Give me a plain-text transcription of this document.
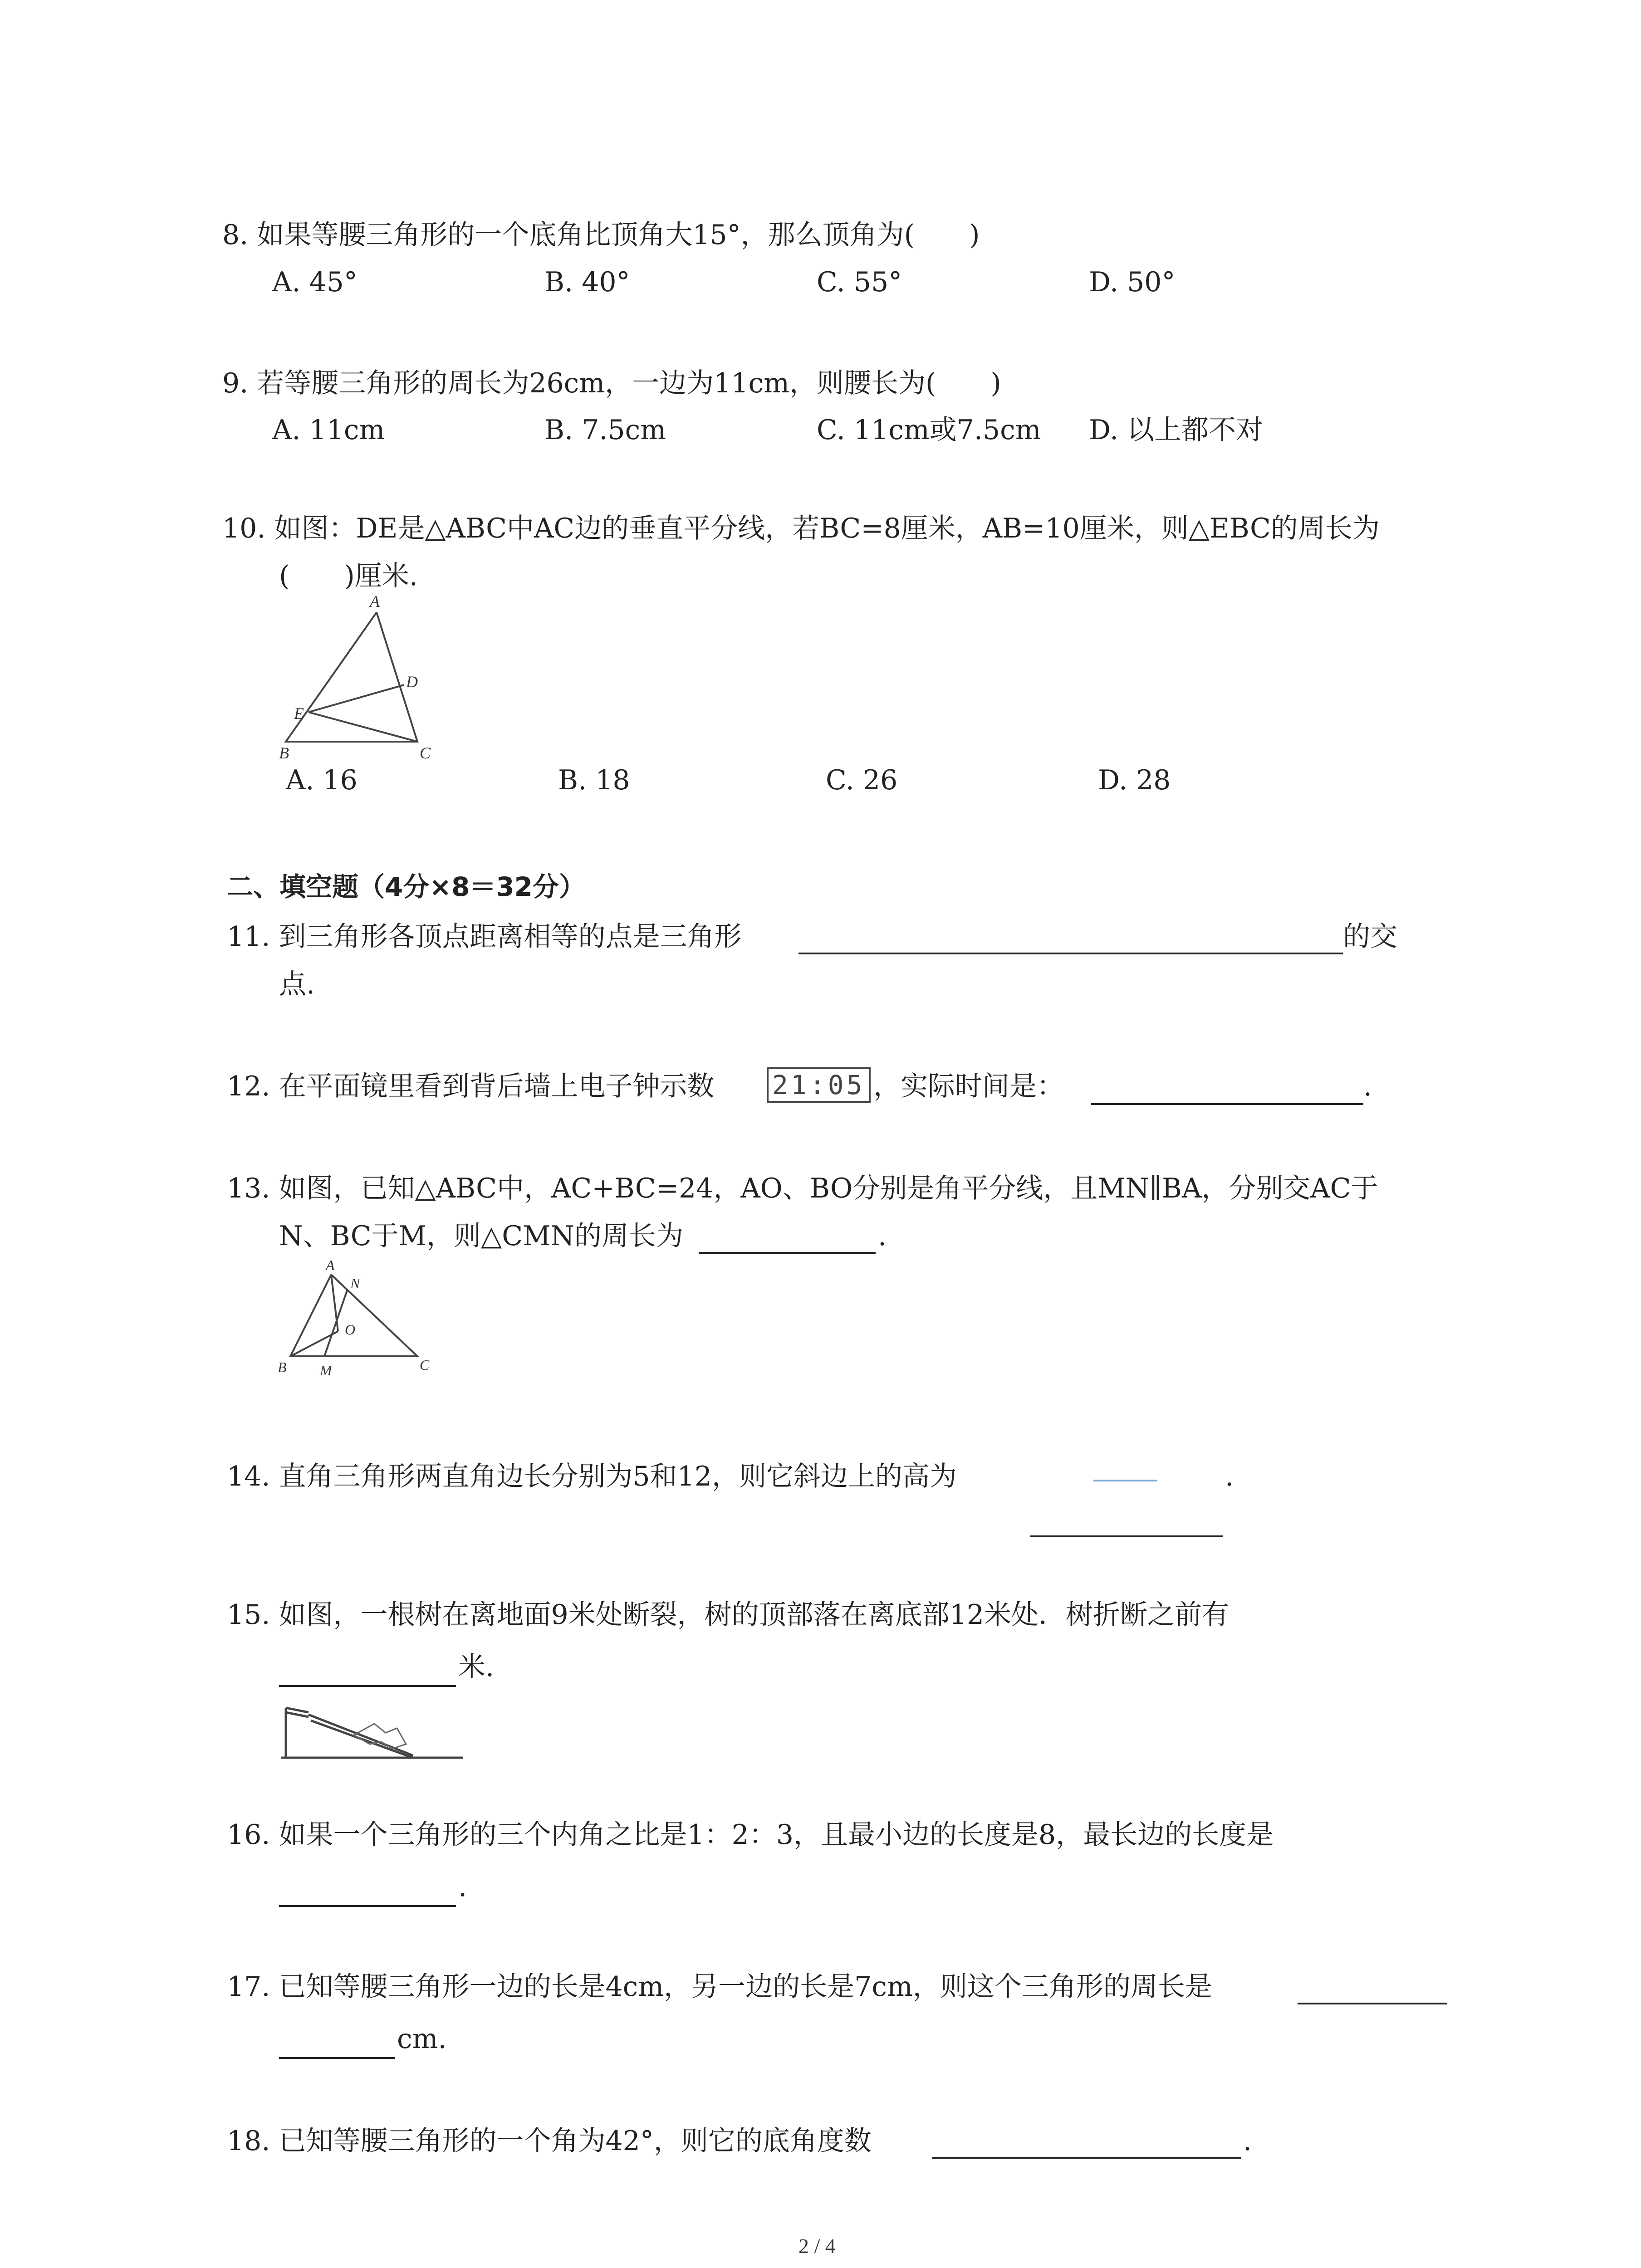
8. 如果等腰三角形的一个底角比顶角大15°，那么顶角为(　　)
A. 45°	B. 40°	C. 55°	D. 50°
9. 若等腰三角形的周长为26cm，一边为11cm，则腰长为(　　)
A. 11cm	B. 7.5cm	C. 11cm或7.5cm D. 以上都不对
10. 如图：DE是△ABC中AC边的垂直平分线，若BC=8厘米，AB=10厘米，则△EBC的周长为
(　　)厘米.
A
D
E
B	C
A. 16	B. 18	C. 26	D. 28
二、填空题（4分×8＝32分）
11. 到三角形各顶点距离相等的点是三角形	的交
点.
12. 在平面镜里看到背后墙上电子钟示数 21:05 ，实际时间是：	.
13. 如图，已知△ABC中，AC+BC=24，AO、BO分别是角平分线，且MN∥BA，分别交AC于
N、BC于M，则△CMN的周长为	.
A
N
O
B M	C
14. 直角三角形两直角边长分别为5和12，则它斜边上的高为	.
15. 如图，一根树在离地面9米处断裂，树的顶部落在离底部12米处．树折断之前有
米.
16. 如果一个三角形的三个内角之比是1：2：3，且最小边的长度是8，最长边的长度是
.
17. 已知等腰三角形一边的长是4cm，另一边的长是7cm，则这个三角形的周长是
cm.
18. 已知等腰三角形的一个角为42°，则它的底角度数	.
2 / 4
